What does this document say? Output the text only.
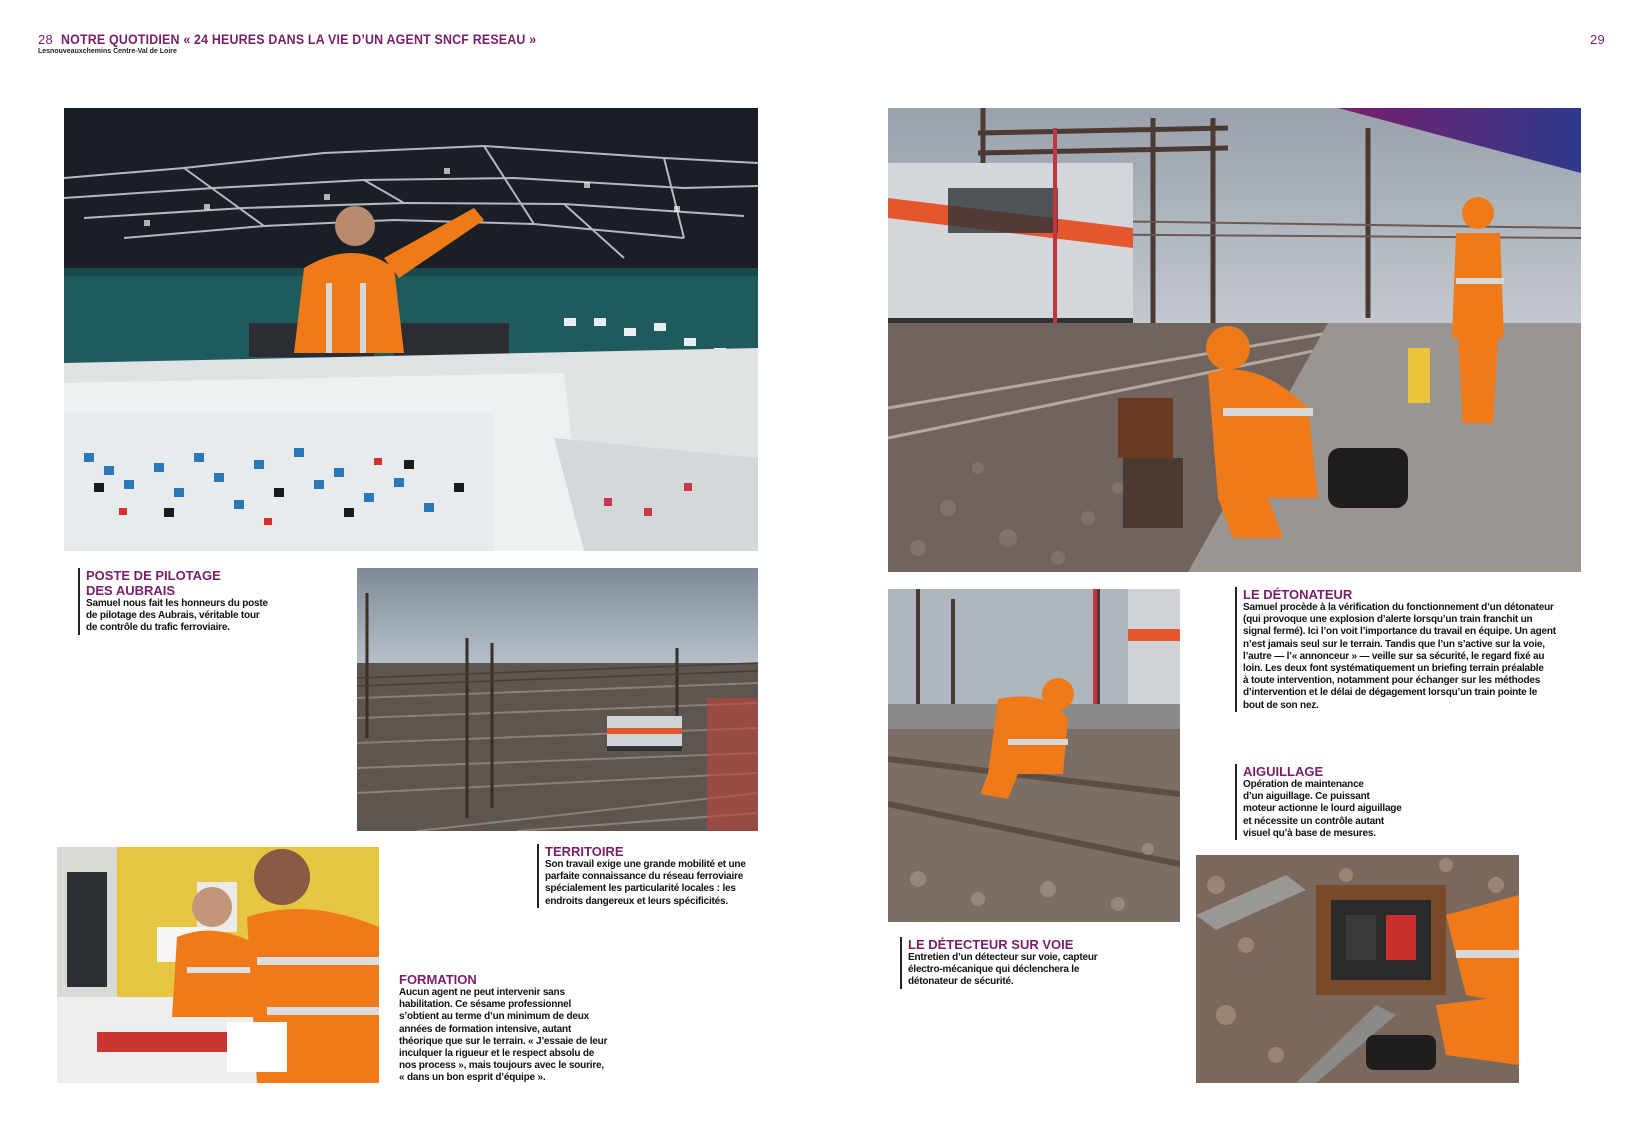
28 NOTRE QUOTIDIEN « 24 HEURES DANS LA VIE D’UN AGENT SNCF RESEAU »
Lesnouveauxchemins Centre-Val de Loire
29
POSTE DE PILOTAGE
DES AUBRAIS
Samuel nous fait les honneurs du poste
de pilotage des Aubrais, véritable tour
de contrôle du trafic ferroviaire.
TERRITOIRE
Son travail exige une grande mobilité et une
parfaite connaissance du réseau ferroviaire
spécialement les particularité locales : les
endroits dangereux et leurs spécificités.
FORMATION
Aucun agent ne peut intervenir sans
habilitation. Ce sésame professionnel
s’obtient au terme d’un minimum de deux
années de formation intensive, autant
théorique que sur le terrain. « J’essaie de leur
inculquer la rigueur et le respect absolu de
nos process », mais toujours avec le sourire,
« dans un bon esprit d’équipe ».
LE DÉTONATEUR
Samuel procède à la vérification du fonctionnement d’un détonateur
(qui provoque une explosion d’alerte lorsqu’un train franchit un
signal fermé). Ici l’on voit l’importance du travail en équipe. Un agent
n’est jamais seul sur le terrain. Tandis que l’un s’active sur la voie,
l’autre — l’« annonceur » — veille sur sa sécurité, le regard fixé au
loin. Les deux font systématiquement un briefing terrain préalable
à toute intervention, notamment pour échanger sur les méthodes
d’intervention et le délai de dégagement lorsqu’un train pointe le
bout de son nez.
AIGUILLAGE
Opération de maintenance
d’un aiguillage. Ce puissant
moteur actionne le lourd aiguillage
et nécessite un contrôle autant
visuel qu’à base de mesures.
LE DÉTECTEUR SUR VOIE
Entretien d’un détecteur sur voie, capteur
électro-mécanique qui déclenchera le
détonateur de sécurité.
